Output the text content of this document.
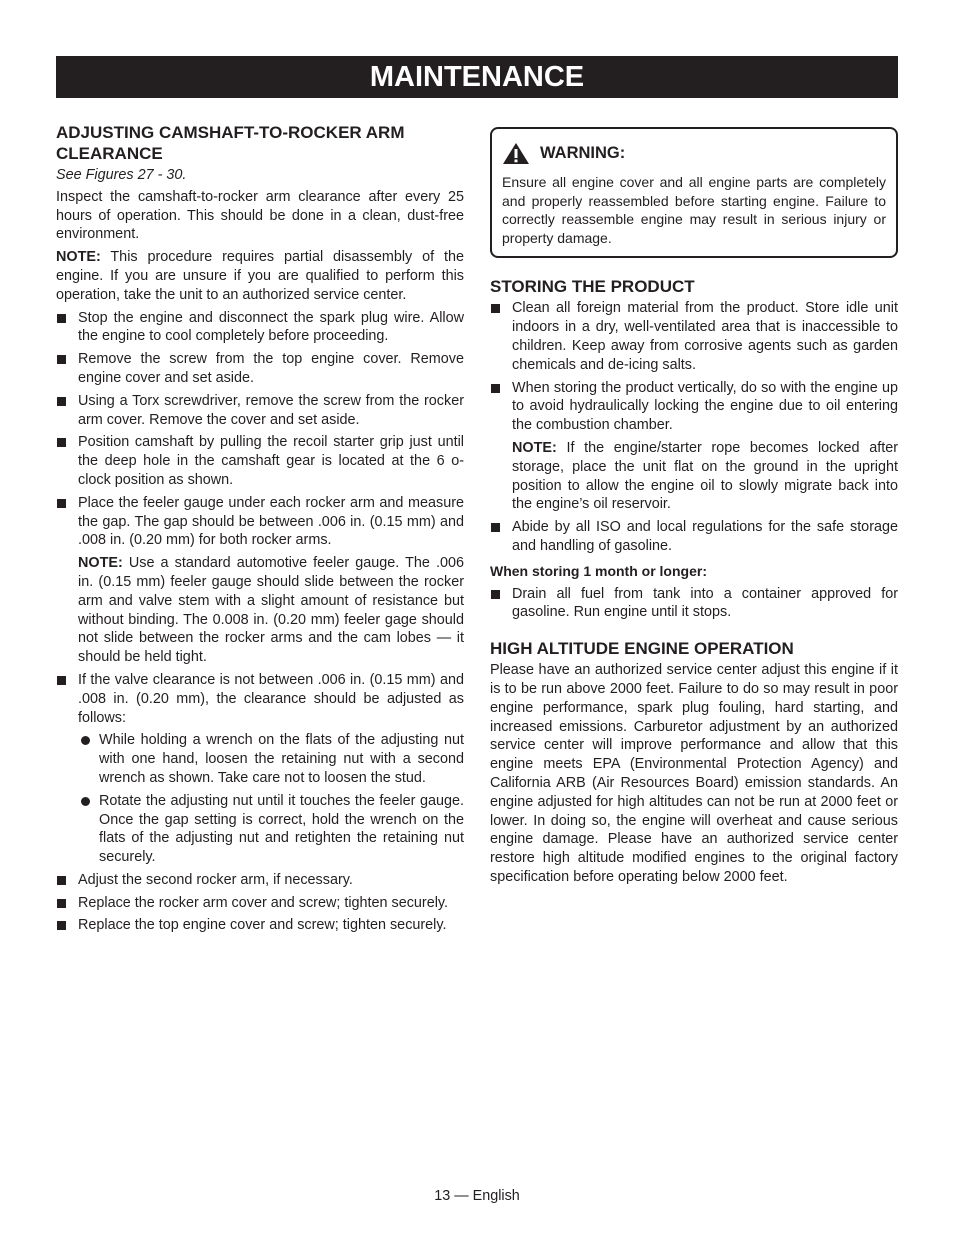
MAINTENANCE
ADJUSTING CAMSHAFT-TO-ROCKER ARM CLEARANCE

See Figures 27 - 30.

Inspect the camshaft-to-rocker arm clearance after every 25 hours of operation. This should be done in a clean, dust-free environment.

NOTE: This procedure requires partial disassembly of the engine. If you are unsure if you are qualified to perform this operation, take the unit to an authorized service center.

Stop the engine and disconnect the spark plug wire. Allow the engine to cool completely before proceeding.
Remove the screw from the top engine cover. Remove engine cover and set aside.
Using a Torx screwdriver, remove the screw from the rocker arm cover. Remove the cover and set aside.
Position camshaft by pulling the recoil starter grip just until the deep hole in the camshaft gear is located at the 6 o-clock position as shown.
Place the feeler gauge under each rocker arm and measure the gap. The gap should be between .006 in. (0.15 mm) and .008 in. (0.20 mm) for both rocker arms.

NOTE: Use a standard automotive feeler gauge. The .006 in. (0.15 mm) feeler gauge should slide between the rocker arm and valve stem with a slight amount of resistance but without binding. The 0.008 in. (0.20 mm) feeler gage should not slide between the rocker arms and the cam lobes — it should be held tight.

If the valve clearance is not between .006 in. (0.15 mm) and .008 in. (0.20 mm), the clearance should be adjusted as follows:
While holding a wrench on the flats of the adjusting nut with one hand, loosen the retaining nut with a second wrench as shown. Take care not to loosen the stud.
Rotate the adjusting nut until it touches the feeler gauge. Once the gap setting is correct, hold the wrench on the flats of the adjusting nut and retighten the retaining nut securely.
Adjust the second rocker arm, if necessary.
Replace the rocker arm cover and screw; tighten securely.
Replace the top engine cover and screw; tighten securely.
WARNING:

Ensure all engine cover and all engine parts are completely and properly reassembled before starting engine. Failure to correctly reassemble engine may result in serious injury or property damage.

STORING THE PRODUCT
Clean all foreign material from the product. Store idle unit indoors in a dry, well-ventilated area that is inaccessible to children. Keep away from corrosive agents such as garden chemicals and de-icing salts.
When storing the product vertically, do so with the engine up to avoid hydraulically locking the engine due to oil entering the combustion chamber.

NOTE: If the engine/starter rope becomes locked after storage, place the unit flat on the ground in the upright position to allow the engine oil to slowly migrate back into the engine’s oil reservoir.

Abide by all ISO and local regulations for the safe storage and handling of gasoline.
When storing 1 month or longer:
Drain all fuel from tank into a container approved for gasoline. Run engine until it stops.
HIGH ALTITUDE ENGINE OPERATION

Please have an authorized service center adjust this engine if it is to be run above 2000 feet. Failure to do so may result in poor engine performance, spark plug fouling, hard starting, and increased emissions. Carburetor adjustment by an authorized service center will improve performance and allow that this engine meets EPA (Environmental Protection Agency) and California ARB (Air Resources Board) emission standards. An engine adjusted for high altitudes can not be run at 2000 feet or lower. In doing so, the engine will overheat and cause serious engine damage. Please have an authorized service center restore high altitude modified engines to the original factory specification before operating below 2000 feet.

13 — English
